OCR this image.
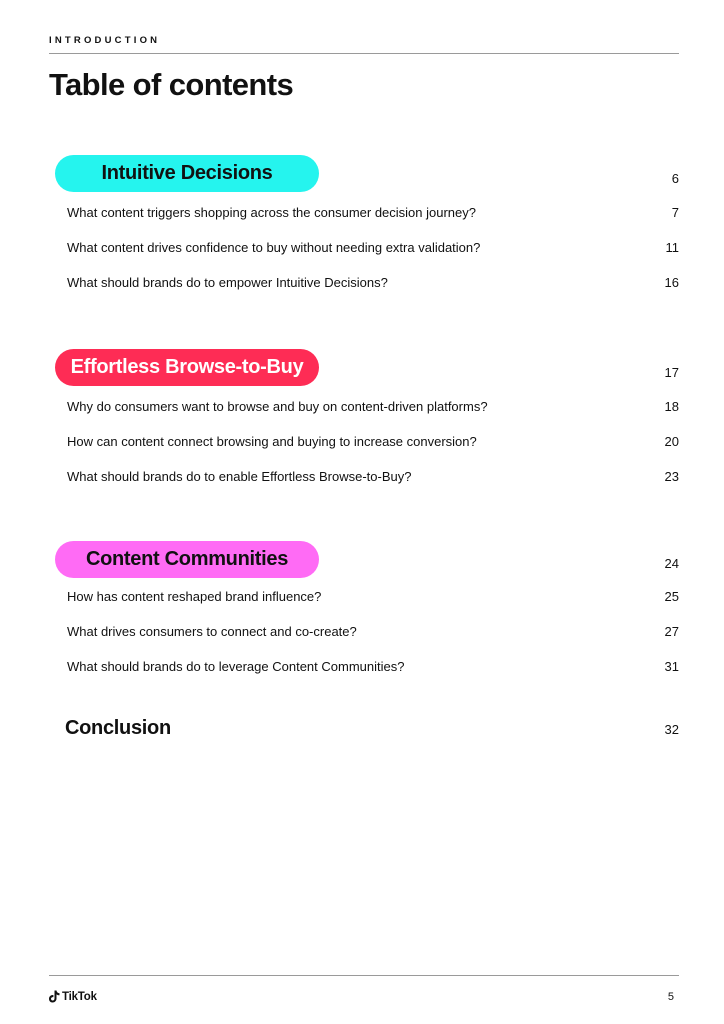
INTRODUCTION
Table of contents
Intuitive Decisions	6
What content triggers shopping across the consumer decision journey?	7
What content drives confidence to buy without needing extra validation?	11
What should brands do to empower Intuitive Decisions?	16
Effortless Browse-to-Buy	17
Why do consumers want to browse and buy on content-driven platforms?	18
How can content connect browsing and buying to increase conversion?	20
What should brands do to enable Effortless Browse-to-Buy?	23
Content Communities	24
How has content reshaped brand influence?	25
What drives consumers to connect and co-create?	27
What should brands do to leverage Content Communities?	31
Conclusion	32
TikTok	5
